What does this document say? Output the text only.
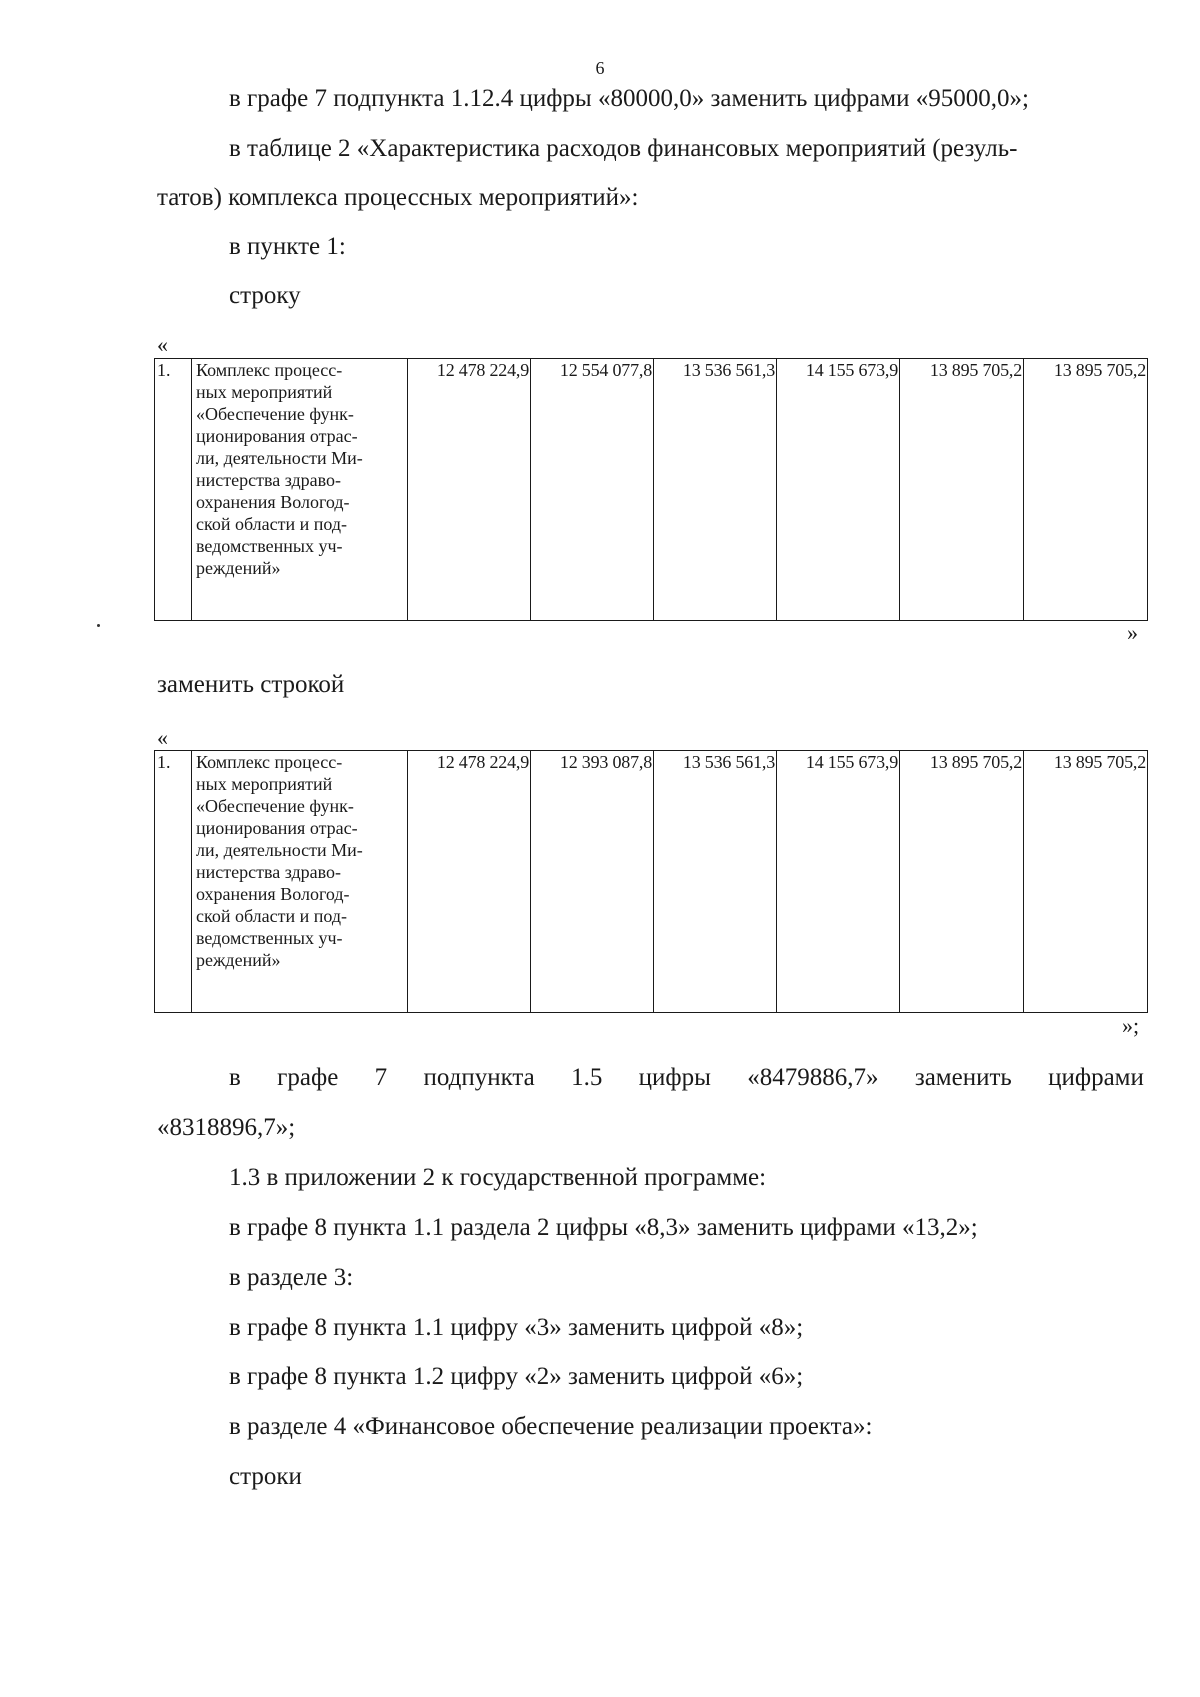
6
в графе 7 подпункта 1.12.4 цифры «80000,0» заменить цифрами «95000,0»;
в таблице 2 «Характеристика расходов финансовых мероприятий (резуль-
татов) комплекса процессных мероприятий»:
в пункте 1:
строку
«
1.	Комплекс процесс-
ных мероприятий
«Обеспечение функ-
ционирования отрас-
ли, деятельности Ми-
нистерства здраво-
охранения Вологод-
ской области и под-
ведомственных уч-
реждений»
	12 478 224,9	12 554 077,8	13 536 561,3	14 155 673,9	13 895 705,2	13 895 705,2
»
заменить строкой
«
1.	Комплекс процесс-
ных мероприятий
«Обеспечение функ-
ционирования отрас-
ли, деятельности Ми-
нистерства здраво-
охранения Вологод-
ской области и под-
ведомственных уч-
реждений»
	12 478 224,9	12 393 087,8	13 536 561,3	14 155 673,9	13 895 705,2	13 895 705,2
»;
в графе 7 подпункта 1.5 цифры «8479886,7» заменить цифрами
«8318896,7»;
1.3 в приложении 2 к государственной программе:
в графе 8 пункта 1.1 раздела 2 цифры «8,3» заменить цифрами «13,2»;
в разделе 3:
в графе 8 пункта 1.1 цифру «3» заменить цифрой «8»;
в графе 8 пункта 1.2 цифру «2» заменить цифрой «6»;
в разделе 4 «Финансовое обеспечение реализации проекта»:
строки
